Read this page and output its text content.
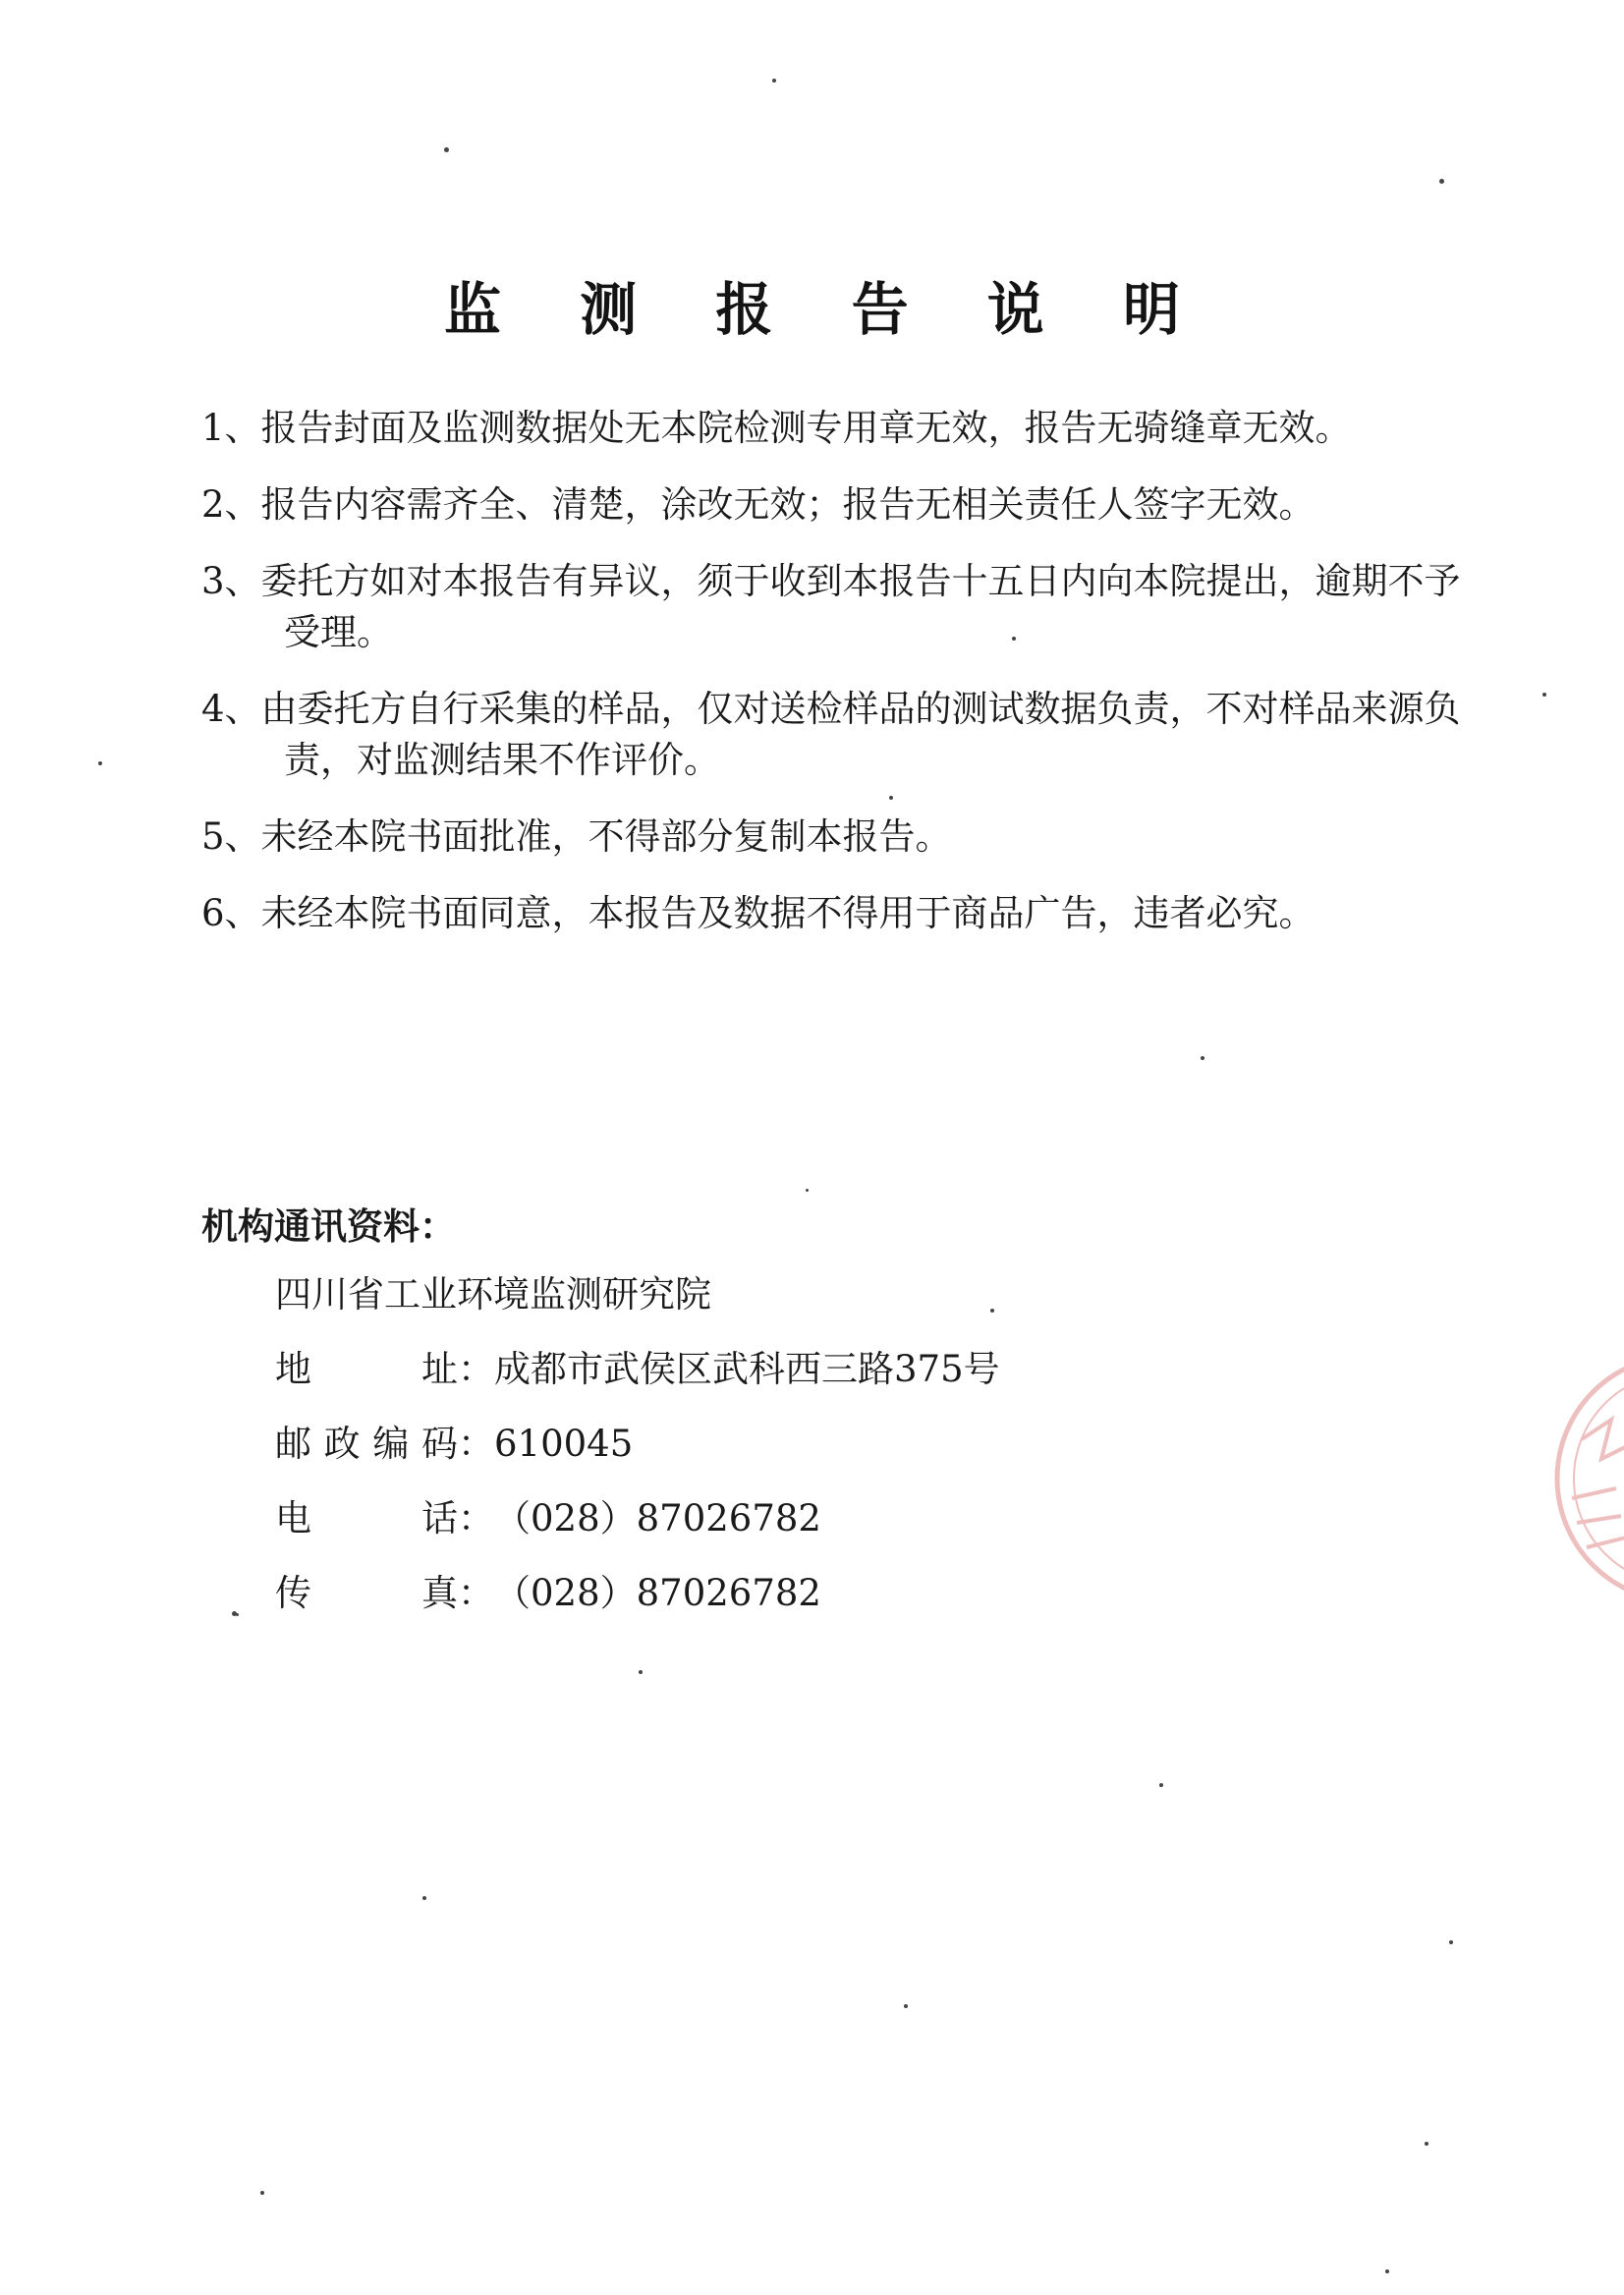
监 测 报 告 说 明

1、报告封面及监测数据处无本院检测专用章无效，报告无骑缝章无效。

2、报告内容需齐全、清楚，涂改无效；报告无相关责任人签字无效。

3、委托方如对本报告有异议，须于收到本报告十五日内向本院提出，逾期不予受理。

4、由委托方自行采集的样品，仅对送检样品的测试数据负责，不对样品来源负责，对监测结果不作评价。

5、未经本院书面批准，不得部分复制本报告。

6、未经本院书面同意，本报告及数据不得用于商品广告，违者必究。

机构通讯资料：
四川省工业环境监测研究院
地址：成都市武侯区武科西三路375号
邮政编码：610045
电话：（028）87026782
传真：（028）87026782
